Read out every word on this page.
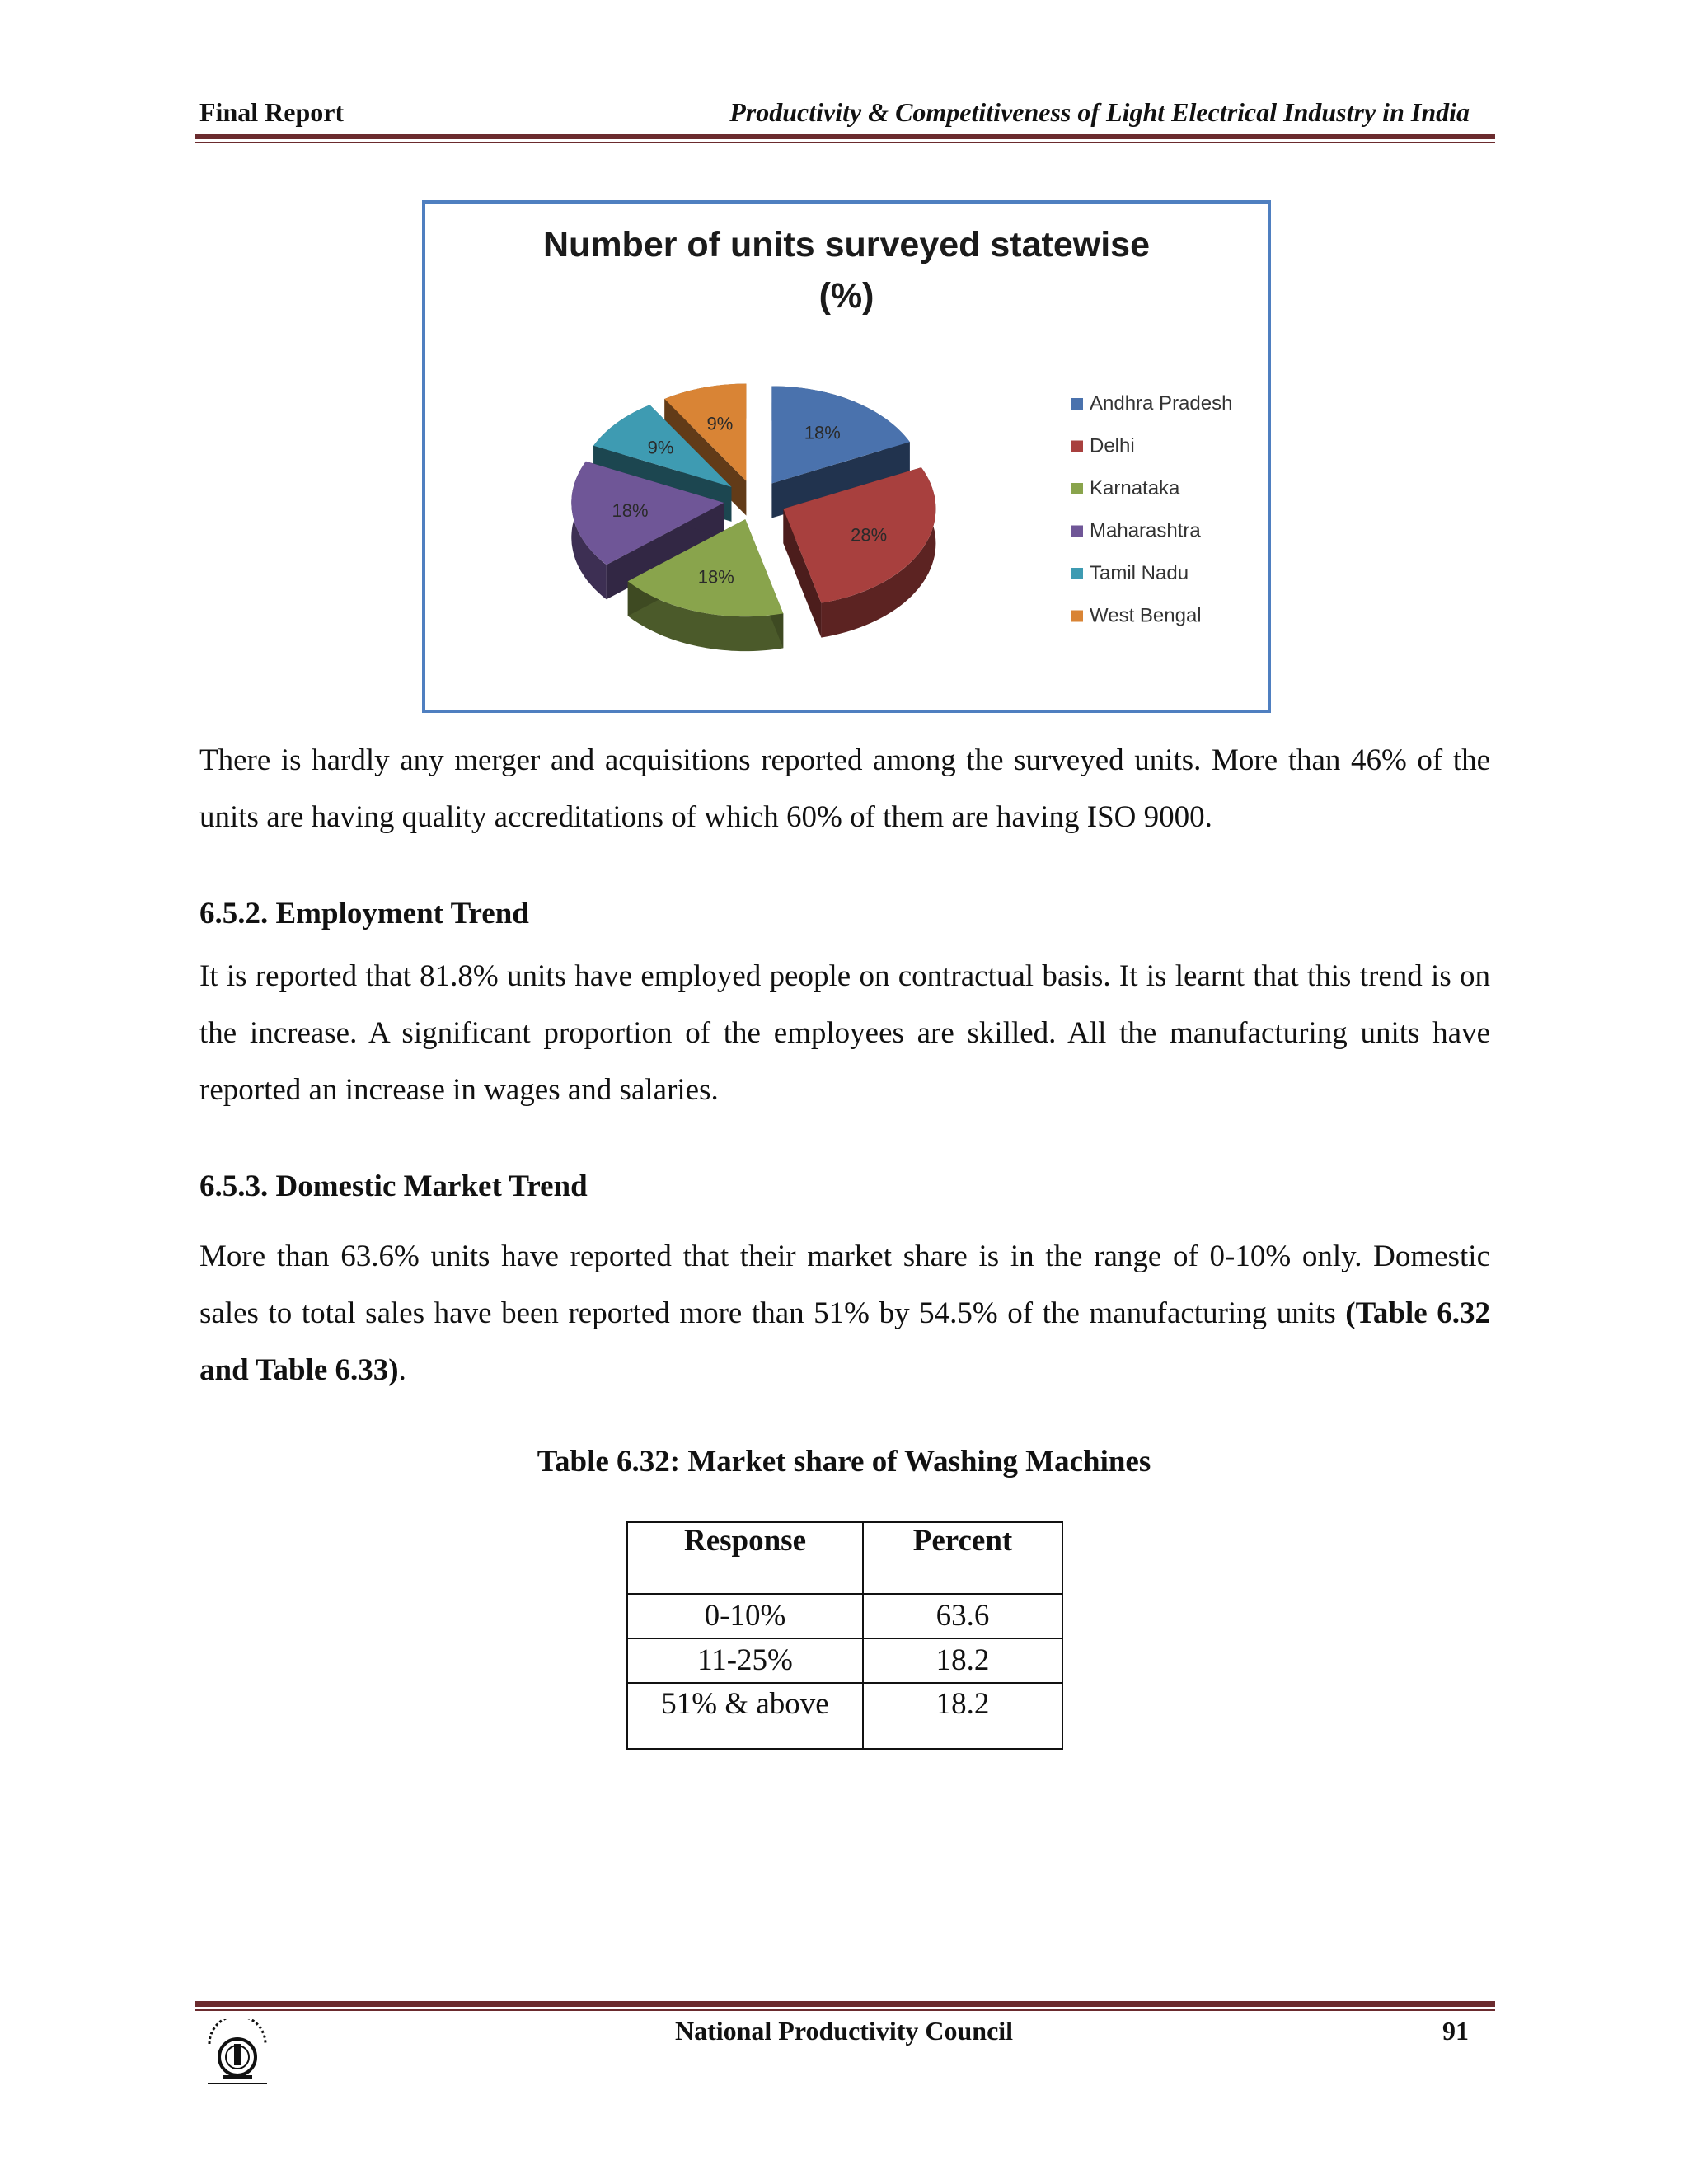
Final Report	Productivity & Competitiveness of Light Electrical Industry in India
Number of units surveyed statewise
(%)
9%	18%
9%
18%
28%
18%
Andhra Pradesh
Delhi
Karnataka
Maharashtra
Tamil Nadu
West Bengal
There is hardly any merger and acquisitions reported among the surveyed units. More than 46% of the units are having quality accreditations of which 60% of them are having ISO 9000.
6.5.2. Employment Trend
It is reported that 81.8% units have employed people on contractual basis. It is learnt that this trend is on the increase. A significant proportion of the employees are skilled. All the manufacturing units have reported an increase in wages and salaries.
6.5.3. Domestic Market Trend
More than 63.6% units have reported that their market share is in the range of 0-10% only. Domestic sales to total sales have been reported more than 51% by 54.5% of the manufacturing units (Table 6.32 and Table 6.33).
Table 6.32: Market share of Washing Machines
Response	Percent
0-10%	63.6
11-25%	18.2
51% & above	18.2
National Productivity Council	91
